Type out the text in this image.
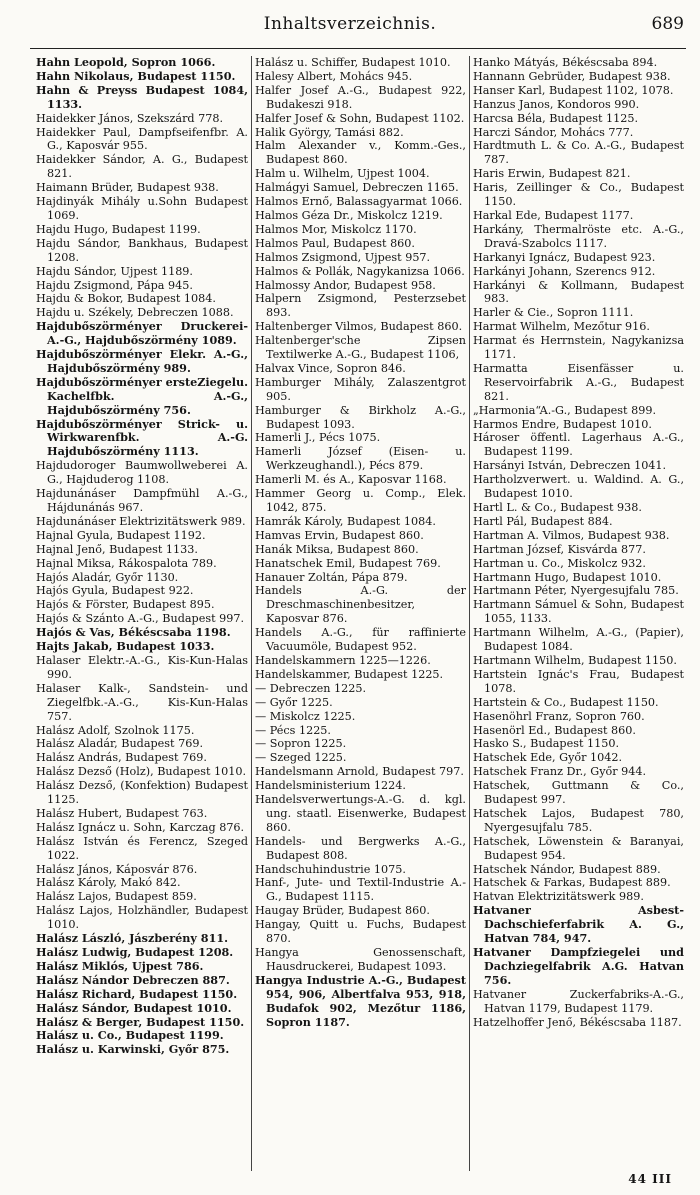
Inhaltsverzeichnis.	689

Hahn Leopold, Sopron 1066.

Hahn Nikolaus, Budapest 1150.

Hahn & Preyss Budapest 1084, 1133.

Haidekker János, Szekszárd 778.

Haidekker Paul, Dampfseifenfbr. A. G., Kaposvár 955.

Haidekker Sándor, A. G., Budapest 821.

Haimann Brüder, Budapest 938.

Hajdinyák Mihály u.Sohn Budapest 1069.

Hajdu Hugo, Budapest 1199.

Hajdu Sándor, Bankhaus, Budapest 1208.

Hajdu Sándor, Ujpest 1189.

Hajdu Zsigmond, Pápa 945.

Hajdu & Bokor, Budapest 1084.

Hajdu u. Székely, Debreczen 1088.

Hajdubőszörményer Druckerei-A.-G., Hajdubőszörmény 1089.

Hajdubőszörményer Elekr. A.-G., Hajdubőszörmény 989.

Hajdubőszörményer ersteZiegelu. Kachelfbk. A.-G., Hajdubőszörmény 756.

Hajdubőszörményer Strick- u. Wirkwarenfbk. A.-G. Hajdubőszörmény 1113.

Hajdudoroger Baumwollweberei A. G., Hajduderog 1108.

Hajdunánáser Dampfmühl A.-G., Hájdunánás 967.

Hajdunánáser Elektrizitätswerk 989.

Hajnal Gyula, Budapest 1192.

Hajnal Jenő, Budapest 1133.

Hajnal Miksa, Rákospalota 789.

Hajós Aladár, Győr 1130.

Hajós Gyula, Budapest 922.

Hajós & Förster, Budapest 895.

Hajós & Szánto A.-G., Budapest 997.

Hajós & Vas, Békéscsaba 1198.

Hajts Jakab, Budapest 1033.

Halaser Elektr.-A.-G., Kis-Kun-Halas 990.

Halaser Kalk-, Sandstein- und Ziegelfbk.-A.-G., Kis-Kun-Halas 757.

Halász Adolf, Szolnok 1175.

Halász Aladár, Budapest 769.

Halász András, Budapest 769.

Halász Dezső (Holz), Budapest 1010.

Halász Dezső, (Konfektion) Budapest 1125.

Halász Hubert, Budapest 763.

Halász Ignácz u. Sohn, Karczag 876.

Halász István és Ferencz, Szeged 1022.

Halász János, Káposvár 876.

Halász Károly, Makó 842.

Halász Lajos, Budapest 859.

Halász Lajos, Holzhändler, Budapest 1010.

Halász László, Jászberény 811.

Halász Ludwig, Budapest 1208.

Halász Miklós, Ujpest 786.

Halász Nándor Debreczen 887.

Halász Richard, Budapest 1150.

Halász Sándor, Budapest 1010.

Halász & Berger, Budapest 1150.

Halász u. Co., Budapest 1199.

Halász u. Karwinski, Győr 875.

Halász u. Schiffer, Budapest 1010.

Halesy Albert, Mohács 945.

Halfer Josef A.-G., Budapest 922, Budakeszi 918.

Halfer Josef & Sohn, Budapest 1102.

Halik György, Tamási 882.

Halm Alexander v., Komm.-Ges., Budapest 860.

Halm u. Wilhelm, Ujpest 1004.

Halmágyi Samuel, Debreczen 1165.

Halmos Ernő, Balassagyarmat 1066.

Halmos Géza Dr., Miskolcz 1219.

Halmos Mor, Miskolcz 1170.

Halmos Paul, Budapest 860.

Halmos Zsigmond, Ujpest 957.

Halmos & Pollák, Nagykanizsa 1066.

Halmossy Andor, Budapest 958.

Halpern Zsigmond, Pesterzsebet 893.

Haltenberger Vilmos, Budapest 860.

Haltenberger'sche Zipsen Textilwerke A.-G., Budapest 1106,

Halvax Vince, Sopron 846.

Hamburger Mihály, Zalaszentgrot 905.

Hamburger & Birkholz A.-G., Budapest 1093.

Hamerli J., Pécs 1075.

Hamerli József (Eisen- u. Werkzeughandl.), Pécs 879.

Hamerli M. és A., Kaposvar 1168.

Hammer Georg u. Comp., Elek. 1042, 875.

Hamrák Károly, Budapest 1084.

Hamvas Ervin, Budapest 860.

Hanák Miksa, Budapest 860.

Hanatschek Emil, Budapest 769.

Hanauer Zoltán, Pápa 879.

Handels A.-G. der Dreschmaschinenbesitzer, Kaposvar 876.

Handels A.-G., für raffinierte Vacuumöle, Budapest 952.

Handelskammern 1225—1226.

Handelskammer, Budapest 1225.

— Debreczen 1225.

— Győr 1225.

— Miskolcz 1225.

— Pécs 1225.

— Sopron 1225.

— Szeged 1225.

Handelsmann Arnold, Budapest 797.

Handelsministerium 1224.

Handelsverwertungs-A.-G. d. kgl. ung. staatl. Eisenwerke, Budapest 860.

Handels- und Bergwerks A.-G., Budapest 808.

Handschuhindustrie 1075.

Hanf-, Jute- und Textil-Industrie A.-G., Budapest 1115.

Haugay Brüder, Budapest 860.

Hangay, Quitt u. Fuchs, Budapest 870.

Hangya Genossenschaft, Hausdruckerei, Budapest 1093.

Hangya Industrie A.-G., Budapest 954, 906, Albertfalva 953, 918, Budafok 902, Mezőtur 1186, Sopron 1187.

Hanko Mátyás, Békéscsaba 894.

Hannann Gebrüder, Budapest 938.

Hanser Karl, Budapest 1102, 1078.

Hanzus Janos, Kondoros 990.

Harcsa Béla, Budapest 1125.

Harczi Sándor, Mohács 777.

Hardtmuth L. & Co. A.-G., Budapest 787.

Haris Erwin, Budapest 821.

Haris, Zeillinger & Co., Budapest 1150.

Harkal Ede, Budapest 1177.

Harkány, Thermalröste etc. A.-G., Dravá-Szabolcs 1117.

Harkanyi Ignácz, Budapest 923.

Harkányi Johann, Szerencs 912.

Harkányi & Kollmann, Budapest 983.

Harler & Cie., Sopron 1111.

Harmat Wilhelm, Mezőtur 916.

Harmat és Herrnstein, Nagykanizsa 1171.

Harmatta Eisenfässer u. Reservoirfabrik A.-G., Budapest 821.

„Harmonia“A.-G., Budapest 899.

Harmos Endre, Budapest 1010.

Hároser öffentl. Lagerhaus A.-G., Budapest 1199.

Harsányi István, Debreczen 1041.

Hartholzverwert. u. Waldind. A. G., Budapest 1010.

Hartl L. & Co., Budapest 938.

Hartl Pál, Budapest 884.

Hartman A. Vilmos, Budapest 938.

Hartman József, Kisvárda 877.

Hartman u. Co., Miskolcz 932.

Hartmann Hugo, Budapest 1010.

Hartmann Péter, Nyergesujfalu 785.

Hartmann Sámuel & Sohn, Budapest 1055, 1133.

Hartmann Wilhelm, A.-G., (Papier), Budapest 1084.

Hartmann Wilhelm, Budapest 1150.

Hartstein Ignác's Frau, Budapest 1078.

Hartstein & Co., Budapest 1150.

Hasenöhrl Franz, Sopron 760.

Hasenörl Ed., Budapest 860.

Hasko S., Budapest 1150.

Hatschek Ede, Győr 1042.

Hatschek Franz Dr., Győr 944.

Hatschek, Guttmann & Co., Budapest 997.

Hatschek Lajos, Budapest 780, Nyergesujfalu 785.

Hatschek, Löwenstein & Baranyai, Budapest 954.

Hatschek Nándor, Budapest 889.

Hatschek & Farkas, Budapest 889.

Hatvan Elektrizitätswerk 989.

Hatvaner Asbest-Dachschieferfabrik A. G., Hatvan 784, 947.

Hatvaner Dampfziegelei und Dachziegelfabrik A.G. Hatvan 756.

Hatvaner Zuckerfabriks-A.-G., Hatvan 1179, Budapest 1179.

Hatzelhoffer Jenő, Békéscsaba 1187.

44 III
